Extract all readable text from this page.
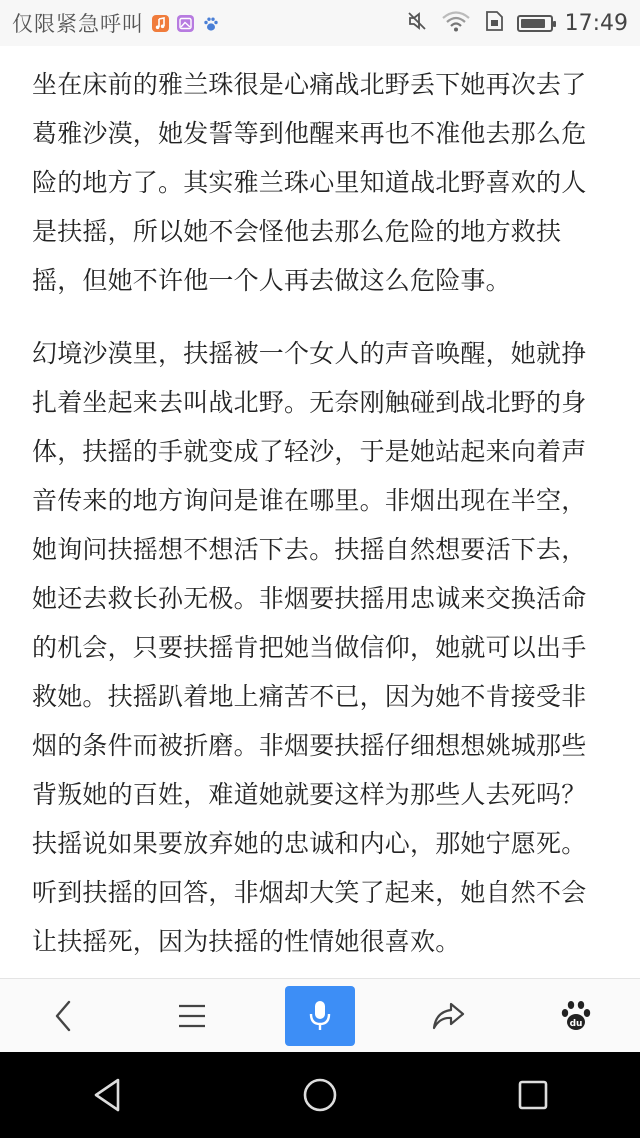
仅限紧急呼叫	17:49

坐在床前的雅兰珠很是心痛战北野丢下她再次去了葛雅沙漠，她发誓等到他醒来再也不准他去那么危险的地方了。其实雅兰珠心里知道战北野喜欢的人是扶摇，所以她不会怪他去那么危险的地方救扶摇，但她不许他一个人再去做这么危险事。

幻境沙漠里，扶摇被一个女人的声音唤醒，她就挣扎着坐起来去叫战北野。无奈刚触碰到战北野的身体，扶摇的手就变成了轻沙，于是她站起来向着声音传来的地方询问是谁在哪里。非烟出现在半空，她询问扶摇想不想活下去。扶摇自然想要活下去，她还去救长孙无极。非烟要扶摇用忠诚来交换活命的机会，只要扶摇肯把她当做信仰，她就可以出手救她。扶摇趴着地上痛苦不已，因为她不肯接受非烟的条件而被折磨。非烟要扶摇仔细想想姚城那些背叛她的百姓，难道她就要这样为那些人去死吗？扶摇说如果要放弃她的忠诚和内心，那她宁愿死。听到扶摇的回答，非烟却大笑了起来，她自然不会让扶摇死，因为扶摇的性情她很喜欢。

du
